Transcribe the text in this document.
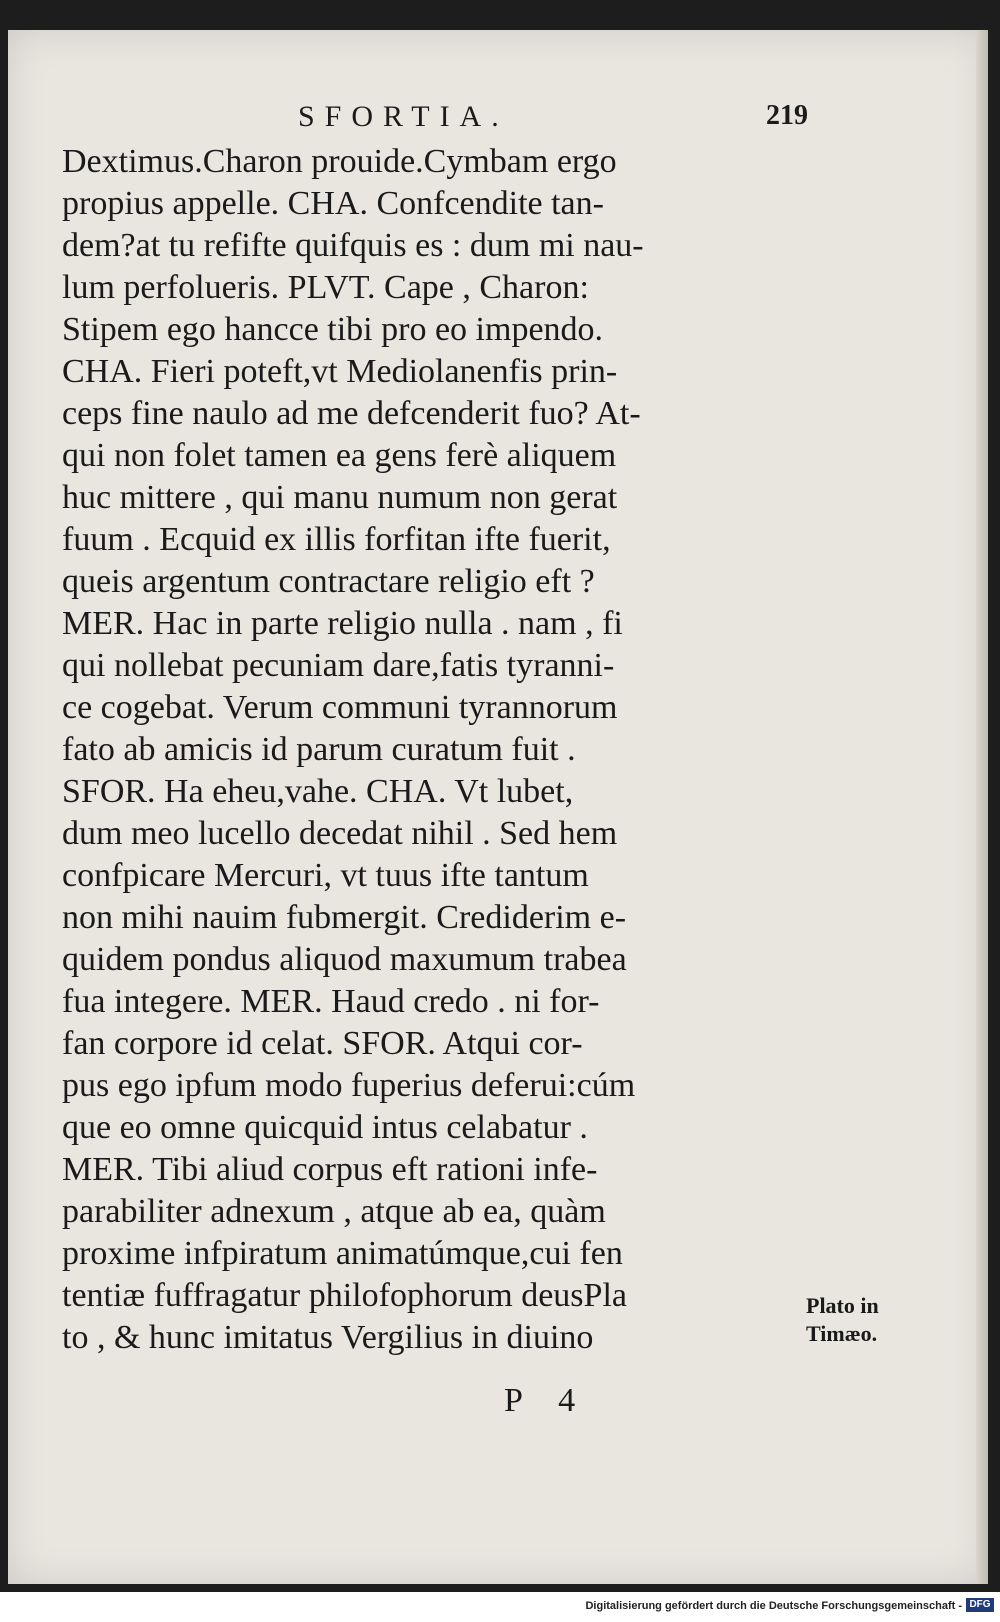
SFORTIA.	219
Dextimus.Charon prouide.Cymbam ergo
propius appelle. CHA. Confcendite tan-
dem?at tu refifte quifquis es : dum mi nau-
lum perfolueris. PLVT. Cape , Charon:
Stipem ego hancce tibi pro eo impendo.
CHA. Fieri poteft,vt Mediolanenfis prin-
ceps fine naulo ad me defcenderit fuo? At-
qui non folet tamen ea gens ferè aliquem
huc mittere , qui manu numum non gerat
fuum . Ecquid ex illis forfitan ifte fuerit,
queis argentum contractare religio eft ?
MER. Hac in parte religio nulla . nam , fi
qui nollebat pecuniam dare,fatis tyranni-
ce cogebat. Verum communi tyrannorum
fato ab amicis id parum curatum fuit .
SFOR. Ha eheu,vahe. CHA. Vt lubet,
dum meo lucello decedat nihil . Sed hem
confpicare Mercuri, vt tuus ifte tantum
non mihi nauim fubmergit. Crediderim e-
quidem pondus aliquod maxumum trabea
fua integere. MER. Haud credo . ni for-
fan corpore id celat. SFOR. Atqui cor-
pus ego ipfum modo fuperius deferui:cúm
que eo omne quicquid intus celabatur .
MER. Tibi aliud corpus eft rationi infe-
parabiliter adnexum , atque ab ea, quàm
proxime infpiratum animatúmque,cui fen
tentiæ fuffragatur philofophorum deusPla
to , & hunc imitatus Vergilius in diuino
Plato in
Timæo.
P 4
Digitalisierung gefördert durch die Deutsche Forschungsgemeinschaft - DFG
